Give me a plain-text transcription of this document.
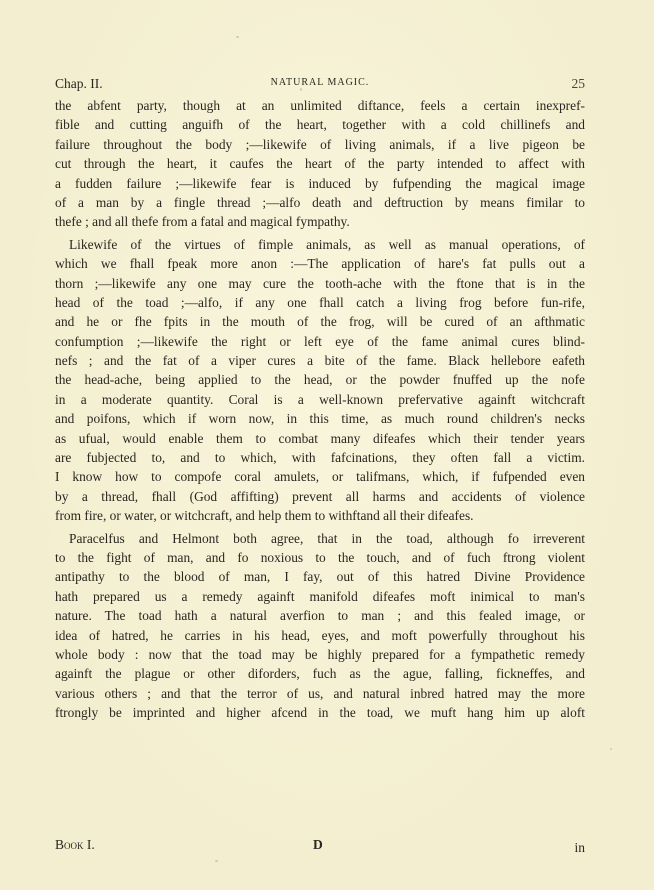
Chap. II.	NATURAL MAGIC.	25
the abfent party, though at an unlimited diftance, feels a certain inexpref-
fible and cutting anguifh of the heart, together with a cold chillinefs and
failure throughout the body ;—likewife of living animals, if a live pigeon be
cut through the heart, it caufes the heart of the party intended to affect with
a fudden failure ;—likewife fear is induced by fufpending the magical image
of a man by a fingle thread ;—alfo death and deftruction by means fimilar to
thefe ; and all thefe from a fatal and magical fympathy.
Likewife of the virtues of fimple animals, as well as manual operations, of
which we fhall fpeak more anon :—The application of hare's fat pulls out a
thorn ;—likewife any one may cure the tooth-ache with the ftone that is in the
head of the toad ;—alfo, if any one fhall catch a living frog before fun-rife,
and he or fhe fpits in the mouth of the frog, will be cured of an afthmatic
confumption ;—likewife the right or left eye of the fame animal cures blind-
nefs ; and the fat of a viper cures a bite of the fame. Black hellebore eafeth
the head-ache, being applied to the head, or the powder fnuffed up the nofe
in a moderate quantity. Coral is a well-known prefervative againft witchcraft
and poifons, which if worn now, in this time, as much round children's necks
as ufual, would enable them to combat many difeafes which their tender years
are fubjected to, and to which, with fafcinations, they often fall a victim.
I know how to compofe coral amulets, or talifmans, which, if fufpended even
by a thread, fhall (God affifting) prevent all harms and accidents of violence
from fire, or water, or witchcraft, and help them to withftand all their difeafes.
Paracelfus and Helmont both agree, that in the toad, although fo irreverent
to the fight of man, and fo noxious to the touch, and of fuch ftrong violent
antipathy to the blood of man, I fay, out of this hatred Divine Providence
hath prepared us a remedy againft manifold difeafes moft inimical to man's
nature. The toad hath a natural averfion to man ; and this fealed image, or
idea of hatred, he carries in his head, eyes, and moft powerfully throughout his
whole body : now that the toad may be highly prepared for a fympathetic remedy
againft the plague or other diforders, fuch as the ague, falling, fickneffes, and
various others ; and that the terror of us, and natural inbred hatred may the more
ftrongly be imprinted and higher afcend in the toad, we muft hang him up aloft
Book I.	D	in
